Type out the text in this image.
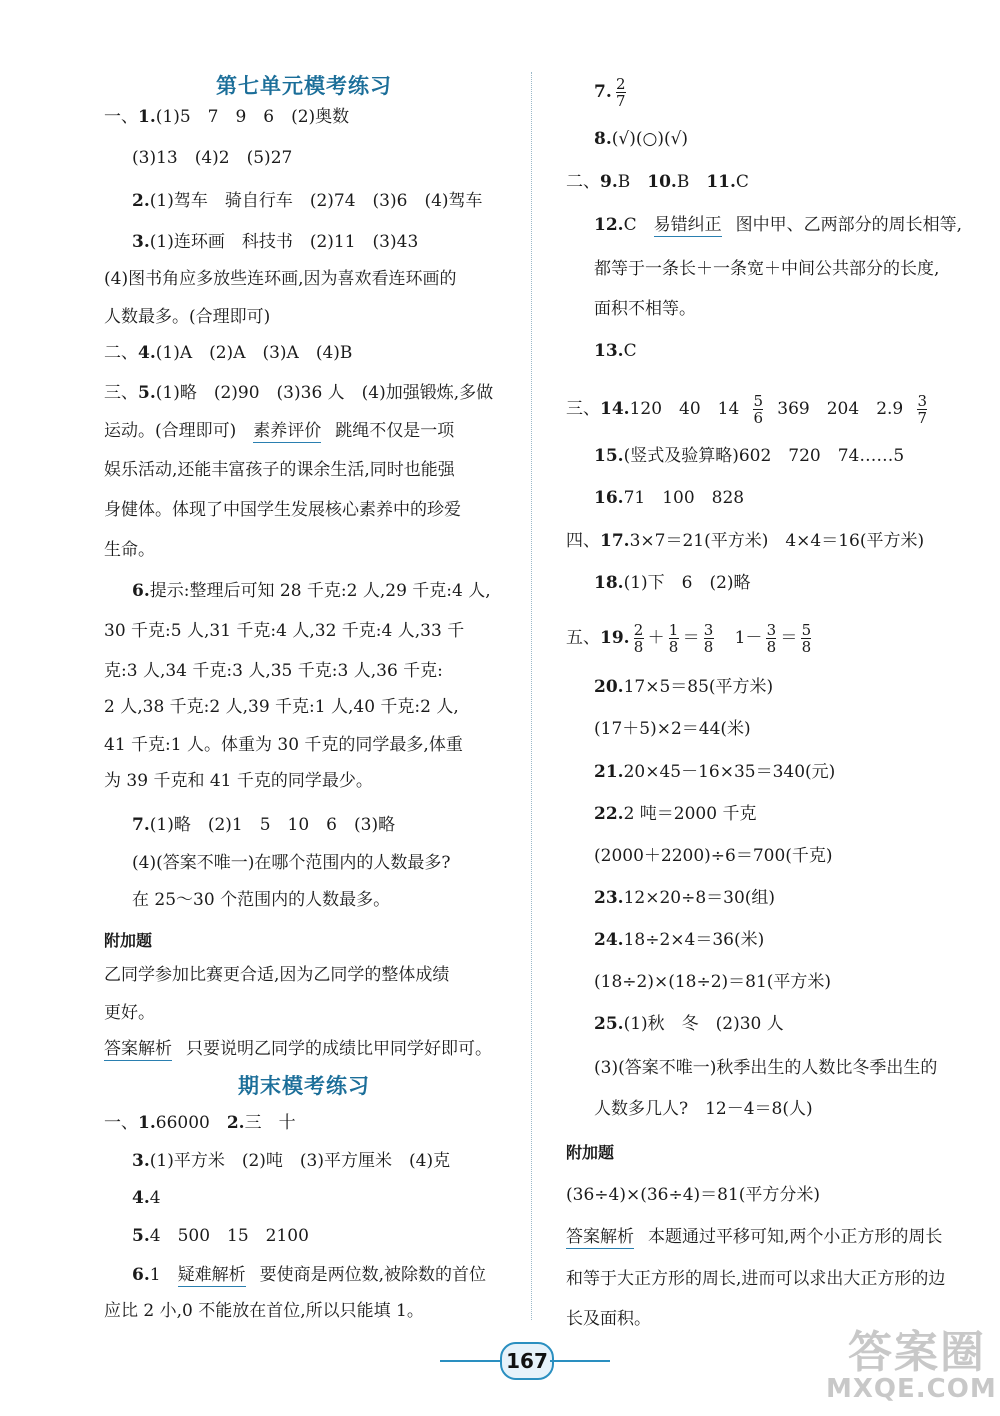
第七单元模考练习
一、1.(1)5　7　9　6　(2)奥数
(3)13　(4)2　(5)27
2.(1)驾车　骑自行车　(2)74　(3)6　(4)驾车
3.(1)连环画　科技书　(2)11　(3)43
(4)图书角应多放些连环画,因为喜欢看连环画的
人数最多。(合理即可)
二、4.(1)A　(2)A　(3)A　(4)B
三、5.(1)略　(2)90　(3)36 人　(4)加强锻炼,多做
运动。(合理即可)　素养评价 跳绳不仅是一项
娱乐活动,还能丰富孩子的课余生活,同时也能强
身健体。体现了中国学生发展核心素养中的珍爱
生命。
6.提示:整理后可知 28 千克:2 人,29 千克:4 人,
30 千克:5 人,31 千克:4 人,32 千克:4 人,33 千
克:3 人,34 千克:3 人,35 千克:3 人,36 千克:
2 人,38 千克:2 人,39 千克:1 人,40 千克:2 人,
41 千克:1 人。体重为 30 千克的同学最多,体重
为 39 千克和 41 千克的同学最少。
7.(1)略　(2)1　5　10　6　(3)略
(4)(答案不唯一)在哪个范围内的人数最多?
在 25～30 个范围内的人数最多。
附加题
乙同学参加比赛更合适,因为乙同学的整体成绩
更好。
答案解析 只要说明乙同学的成绩比甲同学好即可。
期末模考练习
一、1.66000　2.三　十
3.(1)平方米　(2)吨　(3)平方厘米　(4)克
4.4
5.4　500　15　2100
6.1　疑难解析 要使商是两位数,被除数的首位
应比 2 小,0 不能放在首位,所以只能填 1。
7. $\frac{2}{7}$
8.(√)(○)(√)
二、9.B　 10.B　 11.C
12.C　易错纠正 图中甲、乙两部分的周长相等,
都等于一条长＋一条宽＋中间公共部分的长度,
面积不相等。
13.C
三、14.120　40　$14 \frac{5}{6} 369$　204　$2.9 \frac{3}{7}$
15.(竖式及验算略)602　720　74……5
16.71　100　828
四、17.3×7＝21(平方米)　4×4＝16(平方米)
18.(1)下　6　(2)略
五、19. $\frac{2}{8} + \frac{1}{8} = \frac{3}{8}$
　 $1- \frac{3}{8} = \frac{5}{8}$
20.17×5＝85(平方米)
(17＋5)×2＝44(米)
21.20×45－16×35＝340(元)
22.2 吨＝2000 千克
(2000＋2200)÷6＝700(千克)
23.12×20÷8＝30(组)
24.18÷2×4＝36(米)
(18÷2)×(18÷2)＝81(平方米)
25.(1)秋　冬　(2)30 人
(3)(答案不唯一)秋季出生的人数比冬季出生的
人数多几人?　12－4＝8(人)
附加题
(36÷4)×(36÷4)＝81(平方分米)
答案解析 本题通过平移可知,两个小正方形的周长
和等于大正方形的周长,进而可以求出大正方形的边
长及面积。
167	答案圈
MXQE.COM
